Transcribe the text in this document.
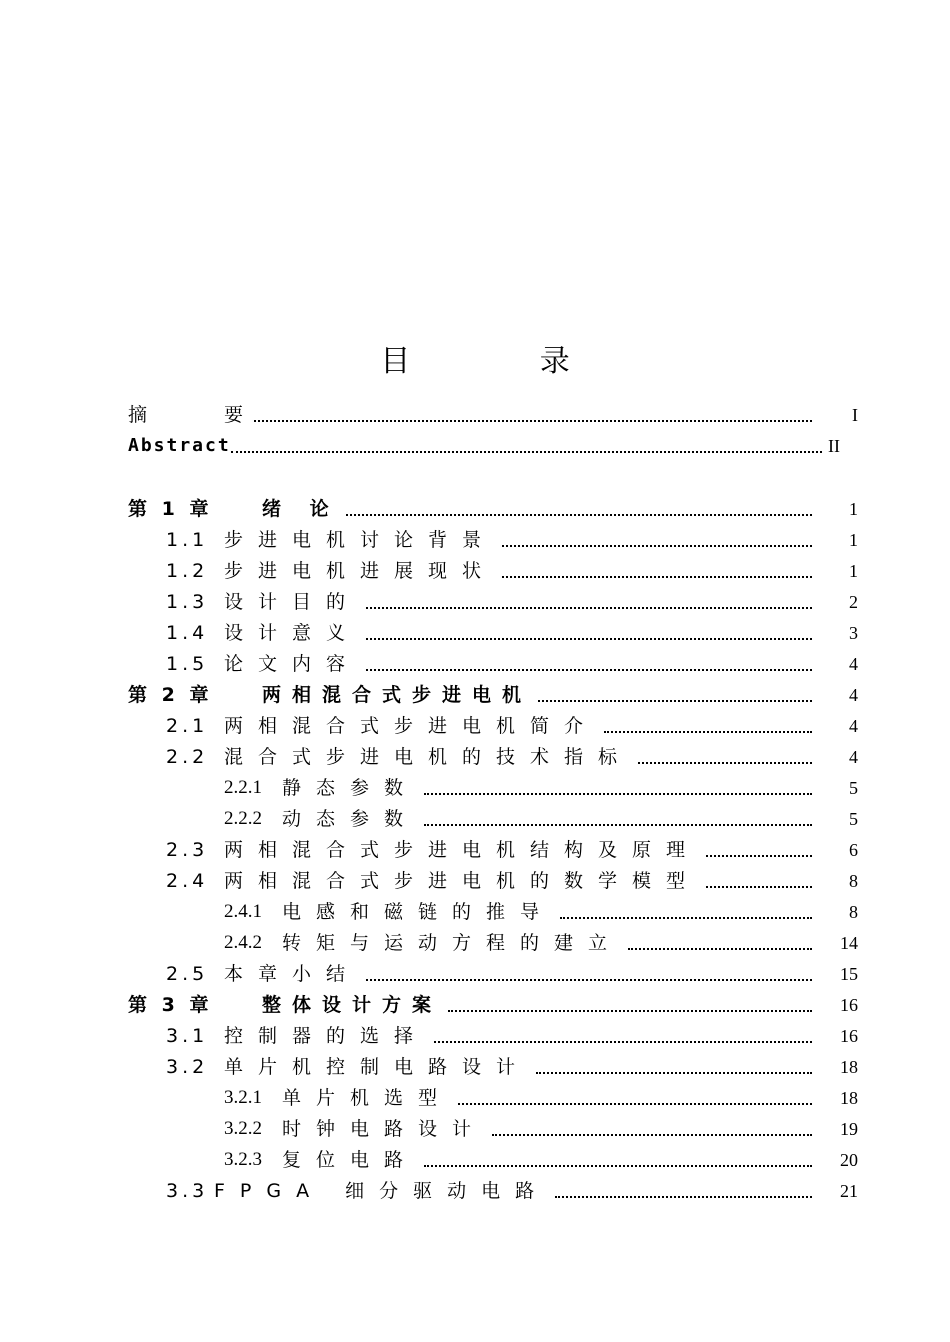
目 录
摘	要	I
Abstract	II
第 1 章	绪 论	1
1.1 步进电机讨论背景	1
1.2 步进电机进展现状	1
1.3 设计目的	2
1.4 设计意义	3
1.5 论文内容	4
第 2 章	两相混合式步进电机	4
2.1 两相混合式步进电机简介	4
2.2 混合式步进电机的技术指标	4
2.2.1	静态参数	5
2.2.2	动态参数	5
2.3 两相混合式步进电机结构及原理	6
2.4 两相混合式步进电机的数学模型	8
2.4.1	电感和磁链的推导	8
2.4.2	转矩与运动方程的建立	14
2.5 本章小结	15
第 3 章	整体设计方案	16
3.1 控制器的选择	16
3.2 单片机控制电路设计	18
3.2.1	单片机选型	18
3.2.2	时钟电路设计	19
3.2.3	复位电路	20
3.3 FPGA 细分驱动电路	21
